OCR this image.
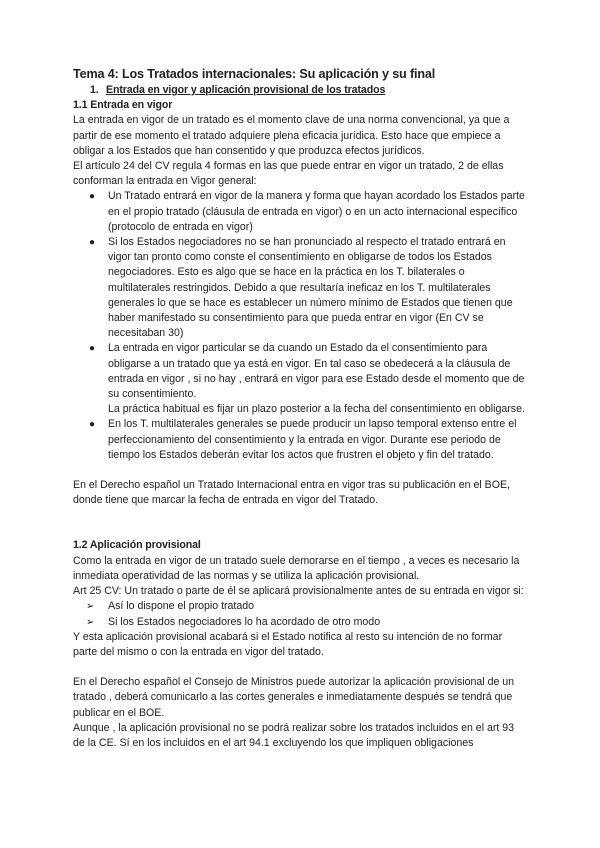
Tema 4: Los Tratados internacionales: Su aplicación y su final

1. Entrada en vigor y aplicación provisional de los tratados

1.1 Entrada en vigor

La entrada en vigor de un tratado es el momento clave de una norma convencional, ya que a partir de ese momento el tratado adquiere plena eficacia jurídica. Esto hace que empiece a obligar a los Estados que han consentido y que produzca efectos jurídicos.

El artículo 24 del CV regula 4 formas en las que puede entrar en vigor un tratado, 2 de ellas conforman la entrada en Vigor general:

● Un Tratado entrará en vigor de la manera y forma que hayan acordado los Estados parte en el propio tratado (cláusula de entrada en vigor) o en un acto internacional específico (protocolo de entrada en vigor)
● Si los Estados negociadores no se han pronunciado al respecto el tratado entrará en vigor tan pronto como conste el consentimiento en obligarse de todos los Estados negociadores. Esto es algo que se hace en la práctica en los T. bilaterales o multilaterales restringidos. Debido a que resultaría ineficaz en los T. multilaterales generales lo que se hace es establecer un número mínimo de Estados que tienen que haber manifestado su consentimiento para que pueda entrar en vigor (En CV se necesitaban 30)
● La entrada en vigor particular se da cuando un Estado da el consentimiento para obligarse a un tratado que ya está en vigor. En tal caso se obedecerá a la cláusula de entrada en vigor , si no hay , entrará en vigor para ese Estado desde el momento que de su consentimiento.

La práctica habitual es fijar un plazo posterior a la fecha del consentimiento en obligarse.

● En los T. multilaterales generales se puede producir un lapso temporal extenso entre el perfeccionamiento del consentimiento y la entrada en vigor. Durante ese periodo de tiempo los Estados deberán evitar los actos que frustren el objeto y fin del tratado.

En el Derecho español un Tratado Internacional entra en vigor tras su publicación en el BOE, donde tiene que marcar la fecha de entrada en vigor del Tratado.

1.2 Aplicación provisional

Como la entrada en vigor de un tratado suele demorarse en el tiempo , a veces es necesario la inmediata operatividad de las normas y se utiliza la aplicación provisional.

Art 25 CV: Un tratado o parte de él se aplicará provisionalmente antes de su entrada en vigor si:

➢ Así lo dispone el propio tratado
➢ Si los Estados negociadores lo ha acordado de otro modo

Y esta aplicación provisional acabará si el Estado notifica al resto su intención de no formar parte del mismo o con la entrada en vigor del tratado.

En el Derecho español el Consejo de Ministros puede autorizar la aplicación provisional de un tratado , deberá comunicarlo a las cortes generales e inmediatamente después se tendrá que publicar en el BOE.

Aunque , la aplicación provisional no se podrá realizar sobre los tratados incluidos en el art 93 de la CE. Sí en los incluidos en el art 94.1 excluyendo los que impliquen obligaciones
